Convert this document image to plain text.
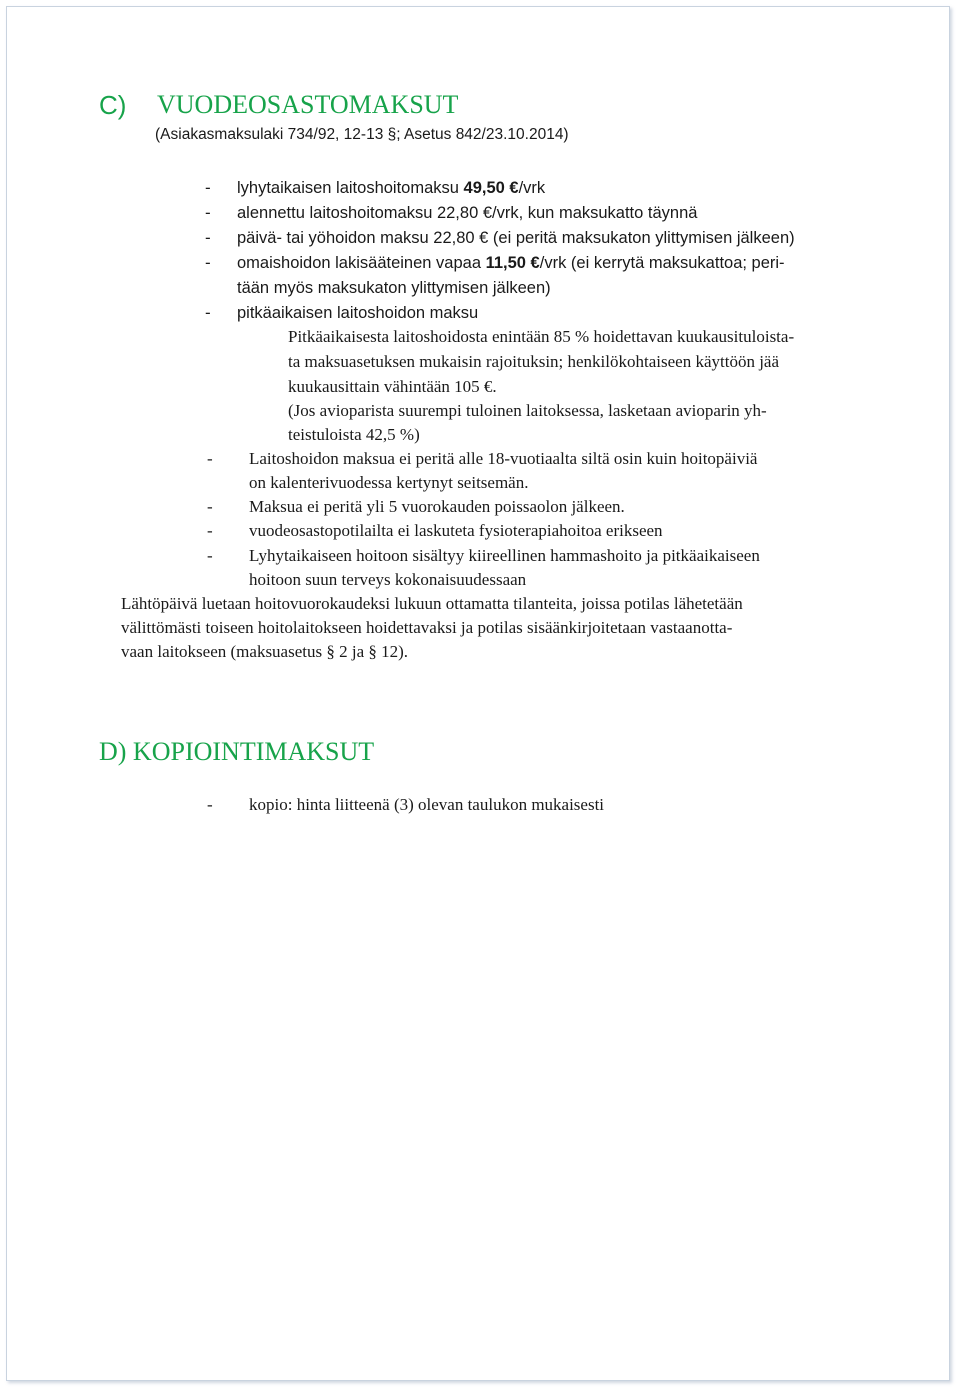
C) VUODEOSASTOMAKSUT
(Asiakasmaksulaki 734/92, 12-13 §; Asetus 842/23.10.2014)
- lyhytaikaisen laitoshoitomaksu 49,50 €/vrk
- alennettu laitoshoitomaksu 22,80 €/vrk, kun maksukatto täynnä
- päivä- tai yöhoidon maksu 22,80 € (ei peritä maksukaton ylittymisen jälkeen)
- omaishoidon lakisääteinen vapaa 11,50 €/vrk (ei kerrytä maksukattoa; peri-
tään myös maksukaton ylittymisen jälkeen)
- pitkäaikaisen laitoshoidon maksu
Pitkäaikaisesta laitoshoidosta enintään 85 % hoidettavan kuukausituloista-
ta maksuasetuksen mukaisin rajoituksin; henkilökohtaiseen käyttöön jää
kuukausittain vähintään 105 €.
(Jos avioparista suurempi tuloinen laitoksessa, lasketaan avioparin yh-
teistuloista 42,5 %)
- Laitoshoidon maksua ei peritä alle 18-vuotiaalta siltä osin kuin hoitopäiviä
on kalenterivuodessa kertynyt seitsemän.
- Maksua ei peritä yli 5 vuorokauden poissaolon jälkeen.
- vuodeosastopotilailta ei laskuteta fysioterapiahoitoa erikseen
- Lyhytaikaiseen hoitoon sisältyy kiireellinen hammashoito ja pitkäaikaiseen
hoitoon suun terveys kokonaisuudessaan
Lähtöpäivä luetaan hoitovuorokaudeksi lukuun ottamatta tilanteita, joissa potilas lähetetään
välittömästi toiseen hoitolaitokseen hoidettavaksi ja potilas sisäänkirjoitetaan vastaanotta-
vaan laitokseen (maksuasetus § 2 ja § 12).
D) KOPIOINTIMAKSUT
- kopio: hinta liitteenä (3) olevan taulukon mukaisesti
